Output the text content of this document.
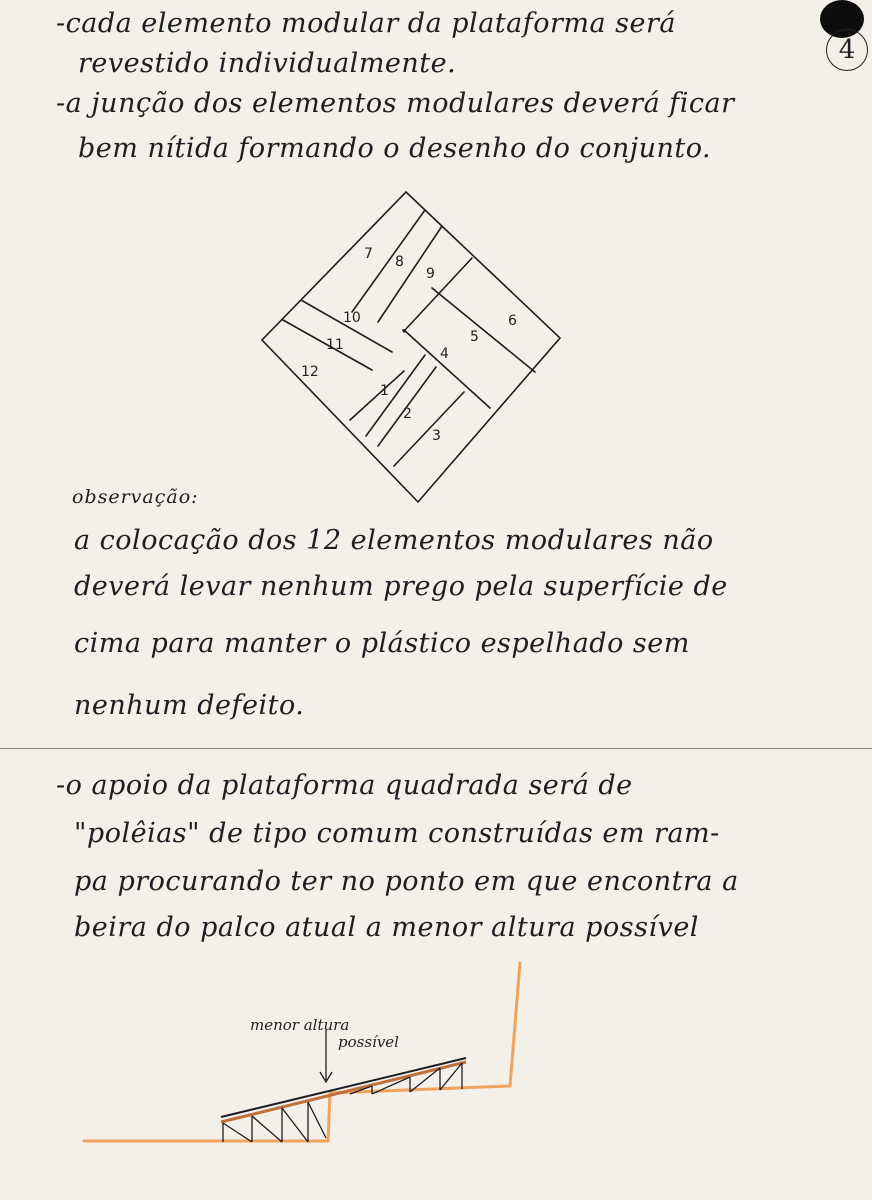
4

-cada elemento modular da plataforma será

revestido individualmente.

-a junção dos elementos modulares deverá ficar

bem nítida formando o desenho do conjunto.

7 8
9
10
11
12
6
5
4
1
2
3
menor altura
possível

observação:

a colocação dos 12 elementos modulares não

deverá levar nenhum prego pela superfície de

cima para manter o plástico espelhado sem

nenhum defeito.

-o apoio da plataforma quadrada será de

"polêias" de tipo comum construídas em ram-

pa procurando ter no ponto em que encontra a

beira do palco atual a menor altura possível
